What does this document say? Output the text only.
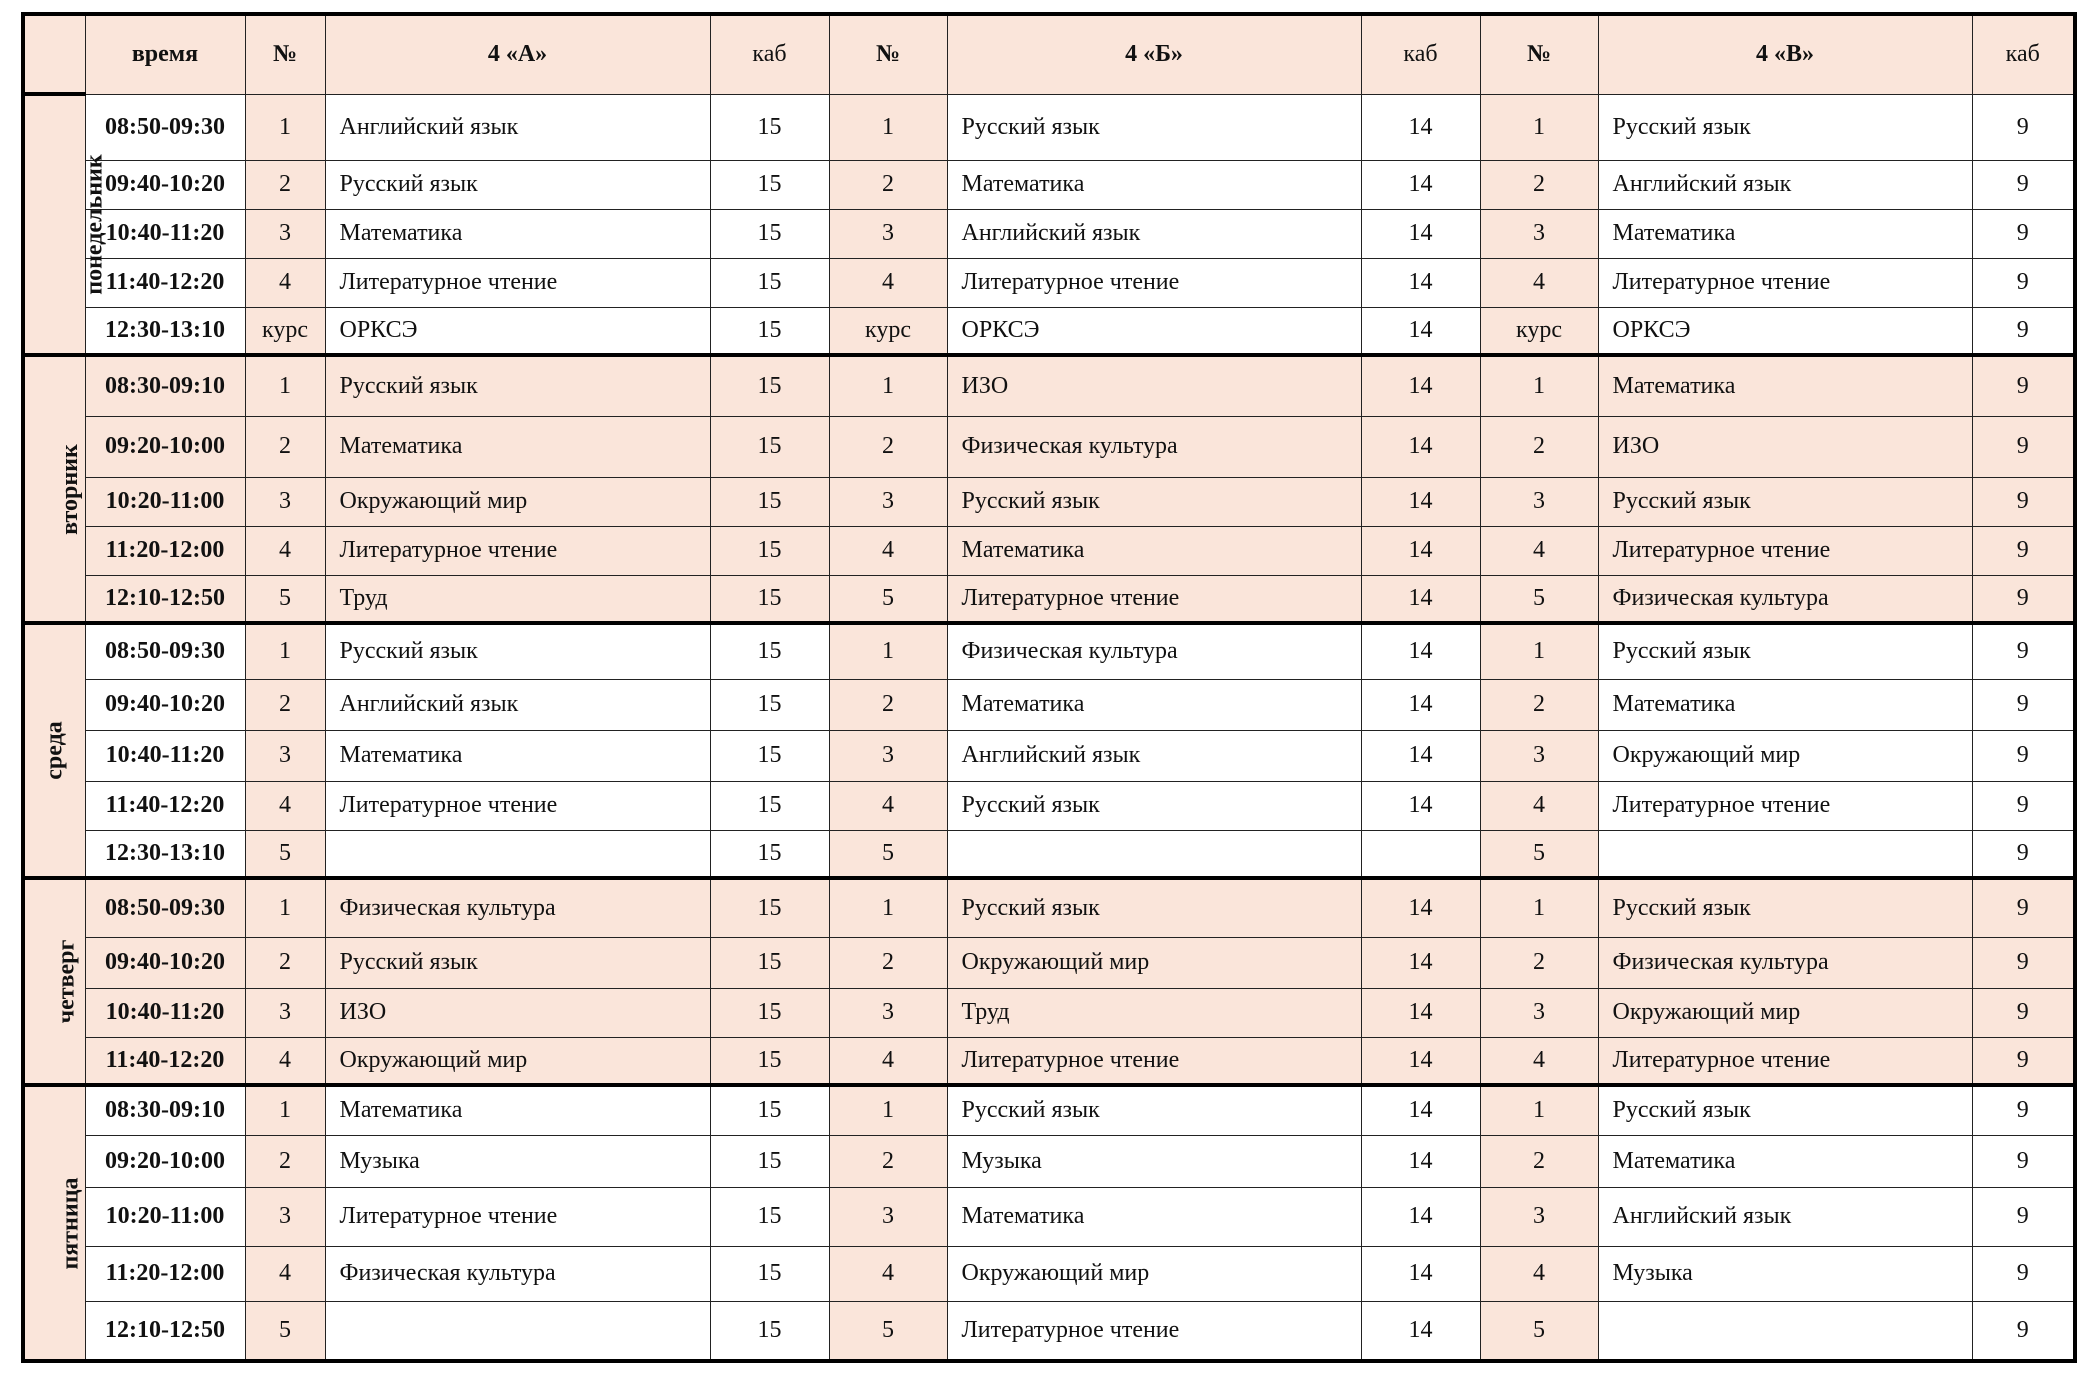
	время	№	4 «А»	каб	№	4 «Б»	каб	№	4 «В»	каб
понедельник	08:50-09:30	1	Английский язык	15	1	Русский язык	14	1	Русский язык	9
	09:40-10:20	2	Русский язык	15	2	Математика	14	2	Английский язык	9
	10:40-11:20	3	Математика	15	3	Английский язык	14	3	Математика	9
	11:40-12:20	4	Литературное чтение	15	4	Литературное чтение	14	4	Литературное чтение	9
	12:30-13:10	курс	ОРКСЭ	15	курс	ОРКСЭ	14	курс	ОРКСЭ	9
вторник	08:30-09:10	1	Русский язык	15	1	ИЗО	14	1	Математика	9
	09:20-10:00	2	Математика	15	2	Физическая культура	14	2	ИЗО	9
	10:20-11:00	3	Окружающий мир	15	3	Русский язык	14	3	Русский язык	9
	11:20-12:00	4	Литературное чтение	15	4	Математика	14	4	Литературное чтение	9
	12:10-12:50	5	Труд	15	5	Литературное чтение	14	5	Физическая культура	9
среда	08:50-09:30	1	Русский язык	15	1	Физическая культура	14	1	Русский язык	9
	09:40-10:20	2	Английский язык	15	2	Математика	14	2	Математика	9
	10:40-11:20	3	Математика	15	3	Английский язык	14	3	Окружающий мир	9
	11:40-12:20	4	Литературное чтение	15	4	Русский язык	14	4	Литературное чтение	9
	12:30-13:10	5		15	5			5		9
четверг	08:50-09:30	1	Физическая культура	15	1	Русский язык	14	1	Русский язык	9
	09:40-10:20	2	Русский язык	15	2	Окружающий мир	14	2	Физическая культура	9
	10:40-11:20	3	ИЗО	15	3	Труд	14	3	Окружающий мир	9
	11:40-12:20	4	Окружающий мир	15	4	Литературное чтение	14	4	Литературное чтение	9
пятница	08:30-09:10	1	Математика	15	1	Русский язык	14	1	Русский язык	9
	09:20-10:00	2	Музыка	15	2	Музыка	14	2	Математика	9
	10:20-11:00	3	Литературное чтение	15	3	Математика	14	3	Английский язык	9
	11:20-12:00	4	Физическая культура	15	4	Окружающий мир	14	4	Музыка	9
	12:10-12:50	5		15	5	Литературное чтение	14	5		9
